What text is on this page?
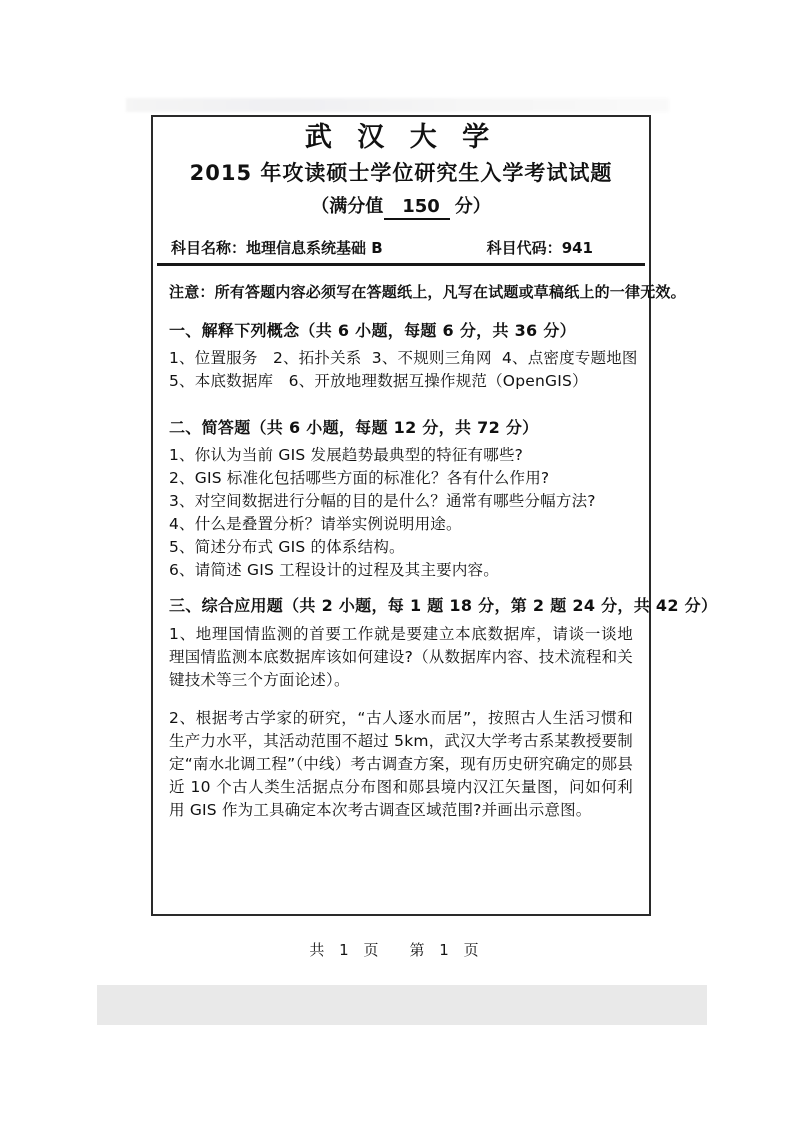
武 汉 大 学
2015 年攻读硕士学位研究生入学考试试题
（满分值 150 分）
科目名称：地理信息系统基础 B	科目代码：941
注意：所有答题内容必须写在答题纸上，凡写在试题或草稿纸上的一律无效。
一、解释下列概念（共 6 小题，每题 6 分，共 36 分）
1、位置服务   2、拓扑关系  3、不规则三角网  4、点密度专题地图
5、本底数据库   6、开放地理数据互操作规范（OpenGIS）
二、简答题（共 6 小题，每题 12 分，共 72 分）
1、你认为当前 GIS 发展趋势最典型的特征有哪些?
2、GIS 标准化包括哪些方面的标准化？各有什么作用?
3、对空间数据进行分幅的目的是什么？通常有哪些分幅方法?
4、什么是叠置分析？请举实例说明用途。
5、简述分布式 GIS 的体系结构。
6、请简述 GIS 工程设计的过程及其主要内容。
三、综合应用题（共 2 小题，每 1 题 18 分，第 2 题 24 分，共 42 分）

1、地理国情监测的首要工作就是要建立本底数据库，请谈一谈地理国情监测本底数据库该如何建设?（从数据库内容、技术流程和关键技术等三个方面论述）。

2、根据考古学家的研究，“古人逐水而居”，按照古人生活习惯和生产力水平，其活动范围不超过 5km，武汉大学考古系某教授要制定“南水北调工程”（中线）考古调查方案，现有历史研究确定的郧县近 10 个古人类生活据点分布图和郧县境内汉江矢量图，问如何利用 GIS 作为工具确定本次考古调查区域范围?并画出示意图。

共 1 页 第 1 页
